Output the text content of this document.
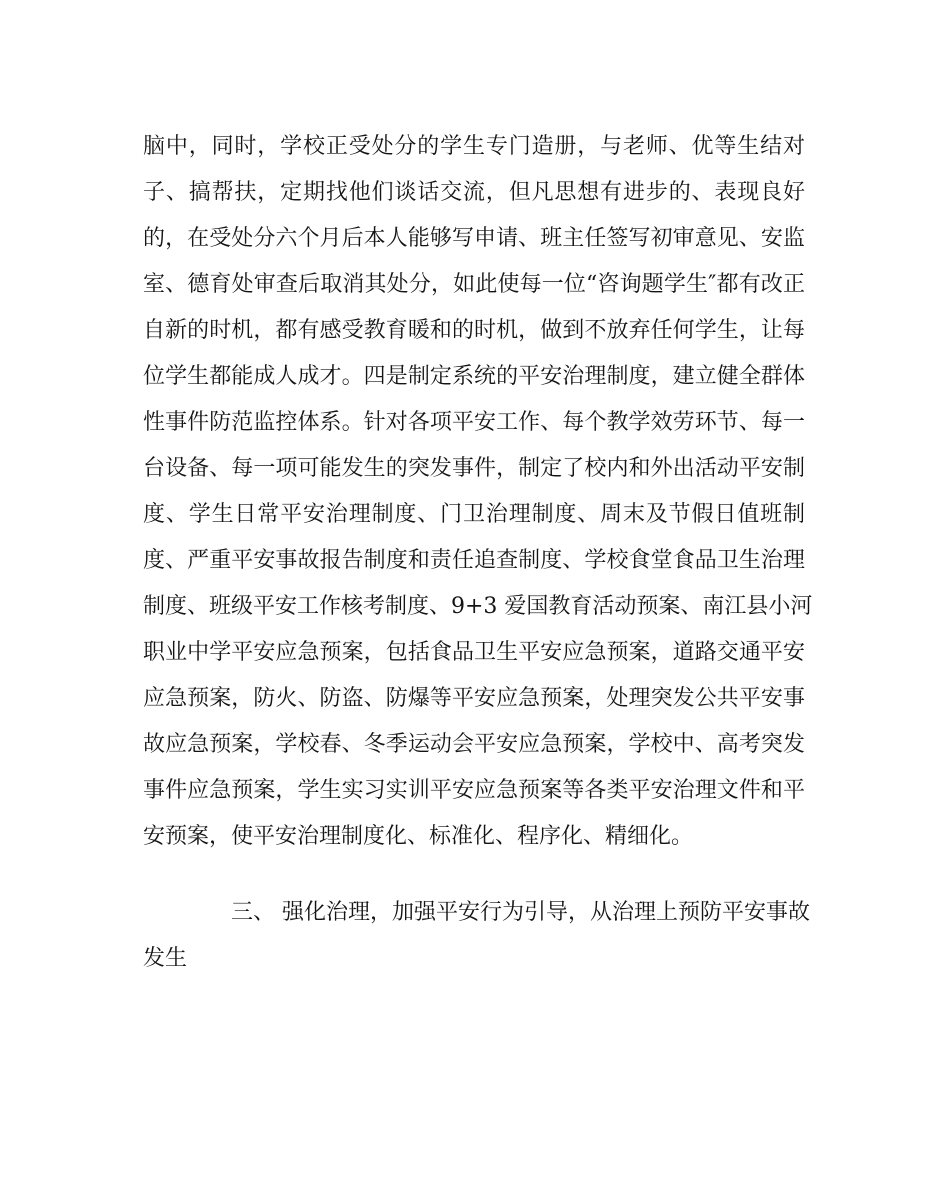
脑中，同时，学校正受处分的学生专门造册，与老师、优等生结对
子、搞帮扶，定期找他们谈话交流，但凡思想有进步的、表现良好
的，在受处分六个月后本人能够写申请、班主任签写初审意见、安监
室、德育处审查后取消其处分，如此使每一位“咨询题学生″都有改正
自新的时机，都有感受教育暖和的时机，做到不放弃任何学生，让每
位学生都能成人成才。四是制定系统的平安治理制度，建立健全群体
性事件防范监控体系。针对各项平安工作、每个教学效劳环节、每一
台设备、每一项可能发生的突发事件，制定了校内和外出活动平安制
度、学生日常平安治理制度、门卫治理制度、周末及节假日值班制
度、严重平安事故报告制度和责任追查制度、学校食堂食品卫生治理
制度、班级平安工作核考制度、9+3 爱国教育活动预案、南江县小河
职业中学平安应急预案，包括食品卫生平安应急预案，道路交通平安
应急预案，防火、防盗、防爆等平安应急预案，处理突发公共平安事
故应急预案，学校春、冬季运动会平安应急预案，学校中、高考突发
事件应急预案，学生实习实训平安应急预案等各类平安治理文件和平
安预案，使平安治理制度化、标准化、程序化、精细化。
三、 强化治理，加强平安行为引导，从治理上预防平安事故
发生
